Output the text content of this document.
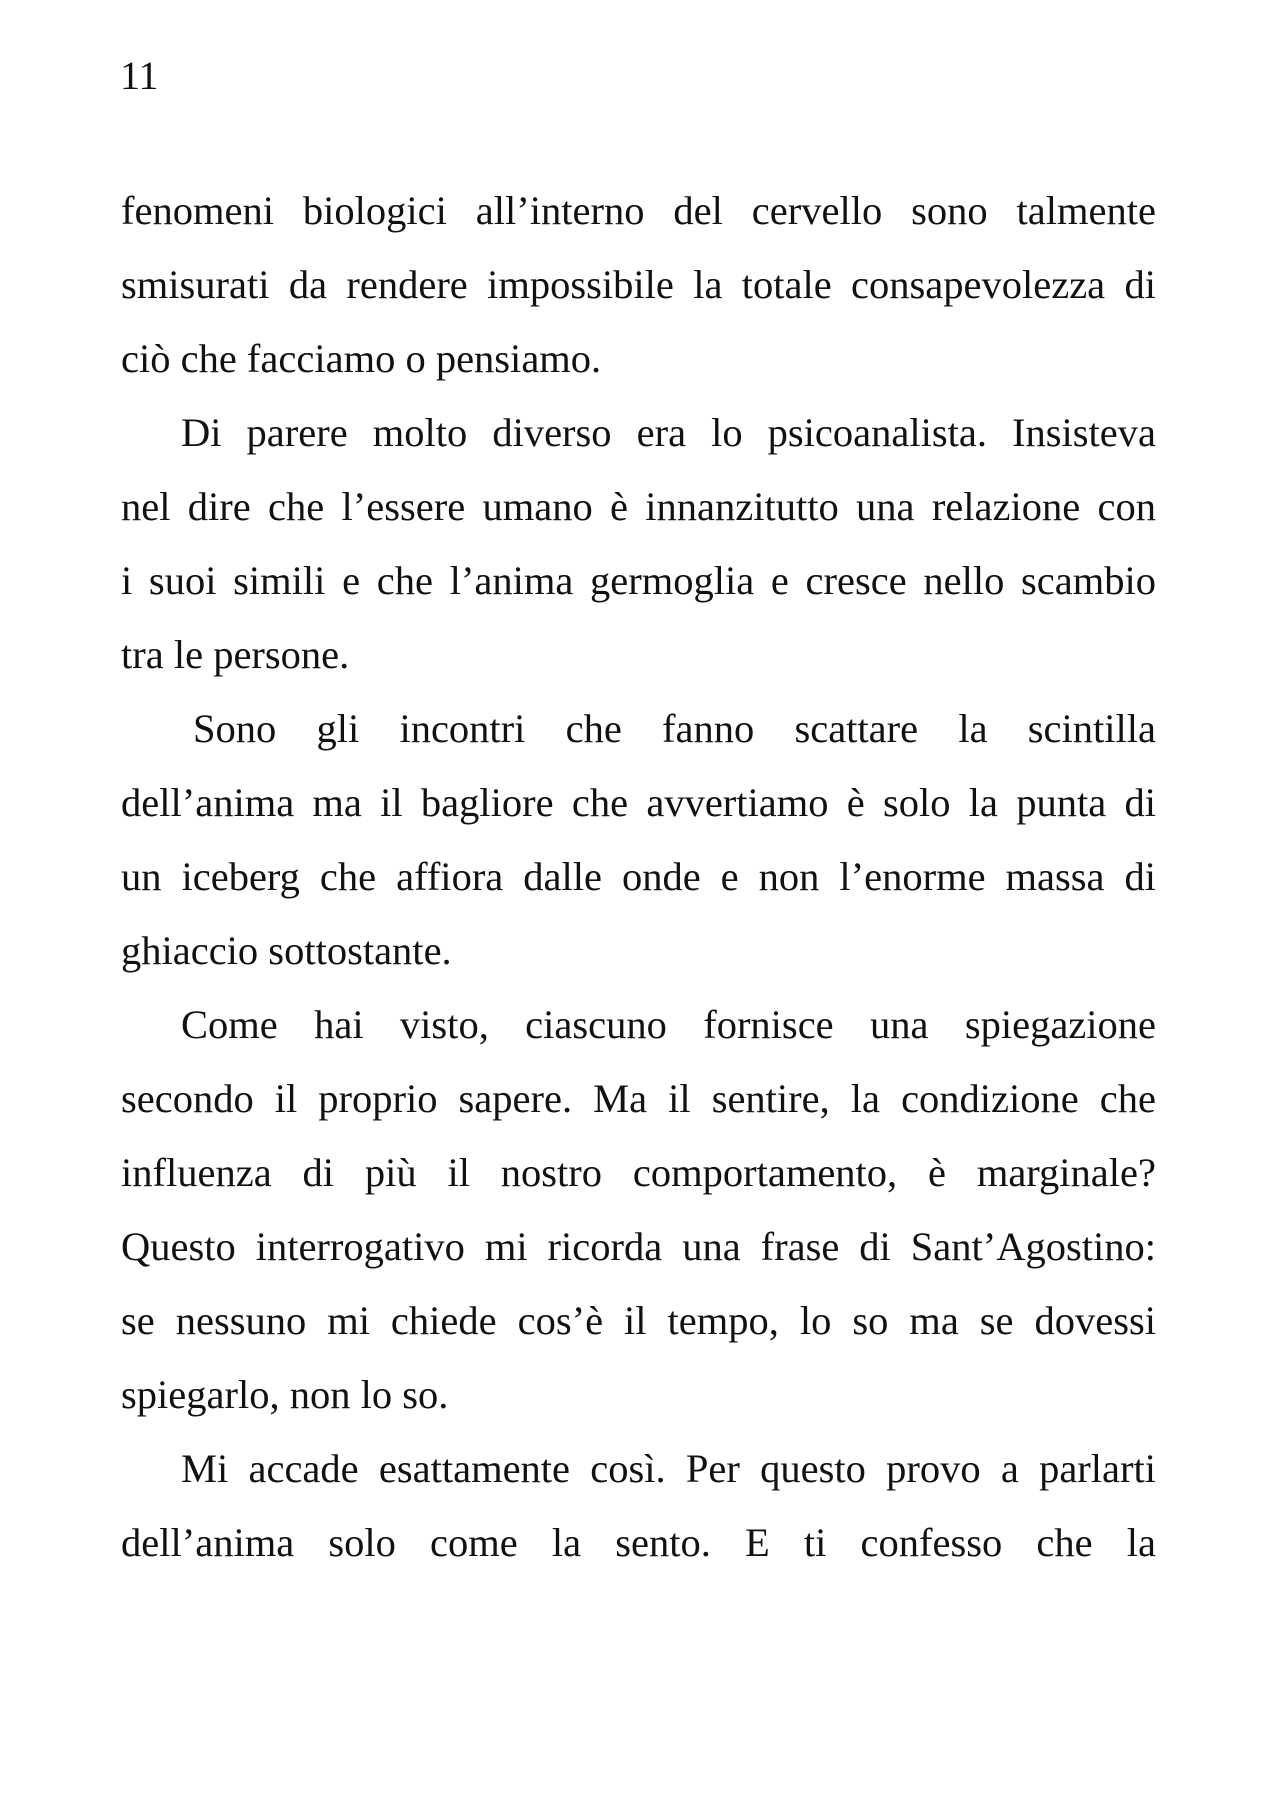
11
fenomeni biologici all’interno del cervello sono talmente
smisurati da rendere impossibile la totale consapevolezza di
ciò che facciamo o pensiamo.
Di parere molto diverso era lo psicoanalista. Insisteva
nel dire che l’essere umano è innanzitutto una relazione con
i suoi simili e che l’anima germoglia e cresce nello scambio
tra le persone.
Sono gli incontri che fanno scattare la scintilla
dell’anima ma il bagliore che avvertiamo è solo la punta di
un iceberg che affiora dalle onde e non l’enorme massa di
ghiaccio sottostante.
Come hai visto, ciascuno fornisce una spiegazione
secondo il proprio sapere. Ma il sentire, la condizione che
influenza di più il nostro comportamento, è marginale?
Questo interrogativo mi ricorda una frase di Sant’Agostino:
se nessuno mi chiede cos’è il tempo, lo so ma se dovessi
spiegarlo, non lo so.
Mi accade esattamente così. Per questo provo a parlarti
dell’anima solo come la sento. E ti confesso che la
